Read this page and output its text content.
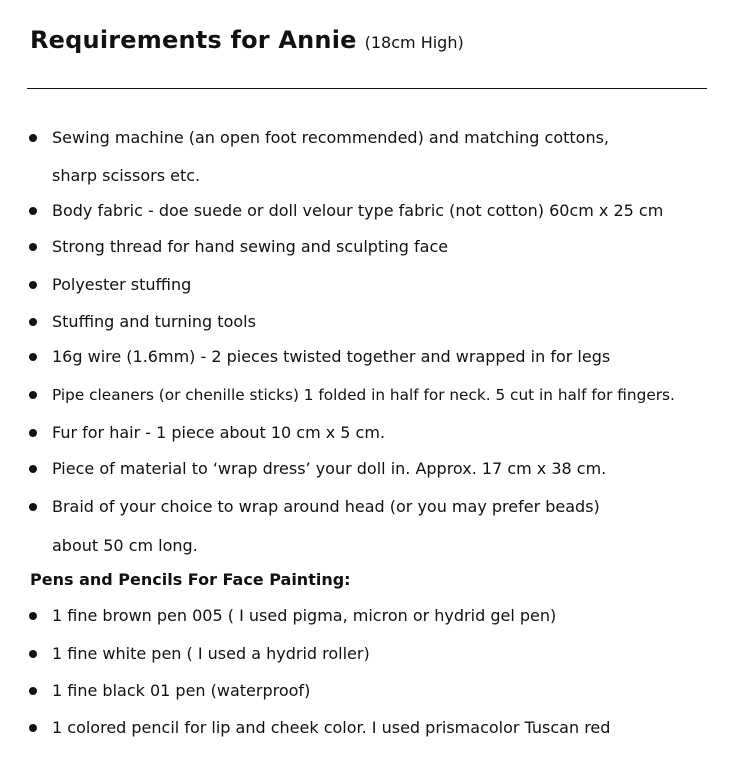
Requirements for Annie (18cm High)
Sewing machine (an open foot recommended) and matching cottons,
sharp scissors etc.
Body fabric - doe suede or doll velour type fabric (not cotton) 60cm x 25 cm
Strong thread for hand sewing and sculpting face
Polyester stuffing
Stuffing and turning tools
16g wire (1.6mm) - 2 pieces twisted together and wrapped in for legs
Pipe cleaners (or chenille sticks) 1 folded in half for neck. 5 cut in half for fingers.
Fur for hair - 1 piece about 10 cm x 5 cm.
Piece of material to ‘wrap dress’ your doll in. Approx. 17 cm x 38 cm.
Braid of your choice to wrap around head (or you may prefer beads)
about 50 cm long.
Pens and Pencils For Face Painting:
1 fine brown pen 005 ( I used pigma, micron or hydrid gel pen)
1 fine white pen ( I used a hydrid roller)
1 fine black 01 pen (waterproof)
1 colored pencil for lip and cheek color. I used prismacolor Tuscan red
